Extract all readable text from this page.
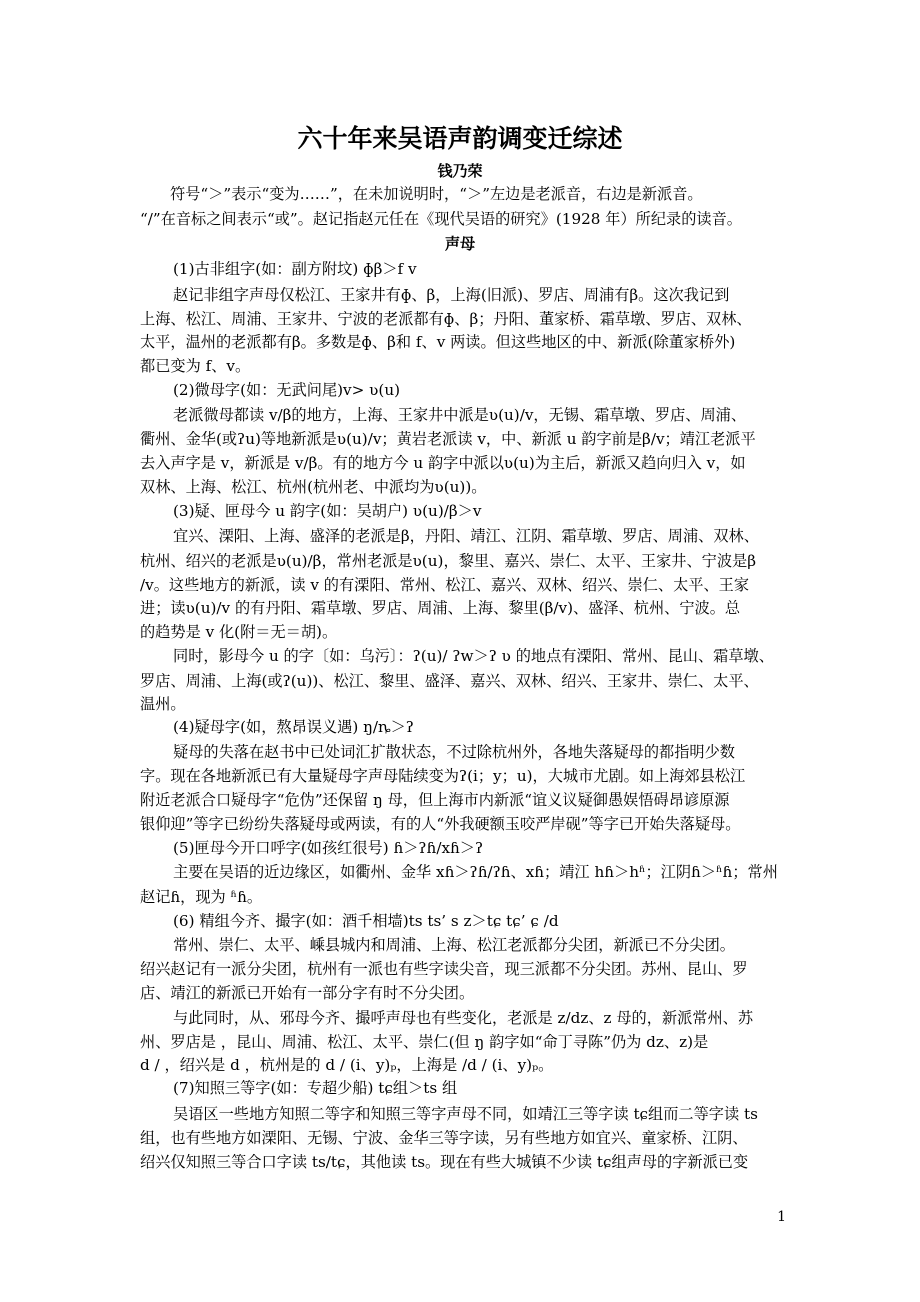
六十年来吴语声韵调变迁综述
钱乃荣
符号“＞”表示“变为……”，在未加说明时，“＞”左边是老派音，右边是新派音。
“/”在音标之间表示“或”。赵记指赵元任在《现代吴语的研究》(1928 年）所纪录的读音。
声母
(1)古非组字(如：副方附坟) ɸβ＞f v
赵记非组字声母仅松江、王家井有ɸ、β，上海(旧派)、罗店、周浦有β。这次我记到
上海、松江、周浦、王家井、宁波的老派都有ɸ、β；丹阳、董家桥、霜草墩、罗店、双林、
太平，温州的老派都有β。多数是ɸ、β和 f、v 两读。但这些地区的中、新派(除董家桥外)
都已变为 f、v。
(2)微母字(如：无武问尾)v> ʋ(u)
老派微母都读 v/β的地方，上海、王家井中派是ʋ(u)/v，无锡、霜草墩、罗店、周浦、
衢州、金华(或ʔu)等地新派是ʋ(u)/v；黄岩老派读 v，中、新派 u 韵字前是β/v；靖江老派平
去入声字是 v，新派是 v/β。有的地方今 u 韵字中派以ʋ(u)为主后，新派又趋向归入 v，如
双林、上海、松江、杭州(杭州老、中派均为ʋ(u))。
(3)疑、匣母今 u 韵字(如：吴胡户) ʋ(u)/β＞v
宜兴、溧阳、上海、盛泽的老派是β，丹阳、靖江、江阴、霜草墩、罗店、周浦、双林、
杭州、绍兴的老派是ʋ(u)/β，常州老派是ʋ(u)，黎里、嘉兴、崇仁、太平、王家井、宁波是β
/v。这些地方的新派，读 v 的有溧阳、常州、松江、嘉兴、双林、绍兴、崇仁、太平、王家
进；读ʋ(u)/v 的有丹阳、霜草墩、罗店、周浦、上海、黎里(β/v)、盛泽、杭州、宁波。总
的趋势是 v 化(附＝无＝胡)。
同时，影母今 u 的字〔如：乌污〕：ʔ(u)/ ʔw＞ʔ ʋ 的地点有溧阳、常州、昆山、霜草墩、
罗店、周浦、上海(或ʔ(u))、松江、黎里、盛泽、嘉兴、双林、绍兴、王家井、崇仁、太平、
温州。
(4)疑母字(如，熬昂误义遇) ŋ/ȵ＞ʔ
疑母的失落在赵书中已处词汇扩散状态，不过除杭州外，各地失落疑母的都指明少数
字。现在各地新派已有大量疑母字声母陆续变为ʔ(i；y；u)，大城市尤剧。如上海郊县松江
附近老派合口疑母字“危伪”还保留 ŋ 母，但上海市内新派“谊义议疑御愚娱悟碍昂谚原源
银仰迎”等字已纷纷失落疑母或两读，有的人“外我硬额玉咬严岸砚”等字已开始失落疑母。
(5)匣母今开口呼字(如孩红很号) ɦ＞ʔɦ/xɦ＞ʔ
主要在吴语的近边缘区，如衢州、金华 xɦ＞ʔɦ/ʔɦ、xɦ；靖江 hɦ＞hʱ；江阴ɦ＞ʱɦ；常州
赵记ɦ，现为 ʱɦ。
(6) 精组今齐、撮字(如：酒千相墙)ts ts’ s z＞tɕ tɕ’ ɕ /d
常州、崇仁、太平、嵊县城内和周浦、上海、松江老派都分尖团，新派已不分尖团。
绍兴赵记有一派分尖团，杭州有一派也有些字读尖音，现三派都不分尖团。苏州、昆山、罗
店、靖江的新派已开始有一部分字有时不分尖团。
与此同时，从、邪母今齐、撮呼声母也有些变化，老派是 z/dz、z 母的，新派常州、苏
州、罗店是 ，昆山、周浦、松江、太平、崇仁(但 ŋ 韵字如“命丁寻陈”仍为 dz、z)是
d / ，绍兴是 d ，杭州是的 d / (i、y)ₚ，上海是 /d / (i、y)ₚ。
(7)知照三等字(如：专超少船) tɕ组＞ts 组
吴语区一些地方知照二等字和知照三等字声母不同，如靖江三等字读 tɕ组而二等字读 ts
组，也有些地方如溧阳、无锡、宁波、金华三等字读，另有些地方如宜兴、童家桥、江阴、
绍兴仅知照三等合口字读 ts/tɕ，其他读 ts。现在有些大城镇不少读 tɕ组声母的字新派已变
1
